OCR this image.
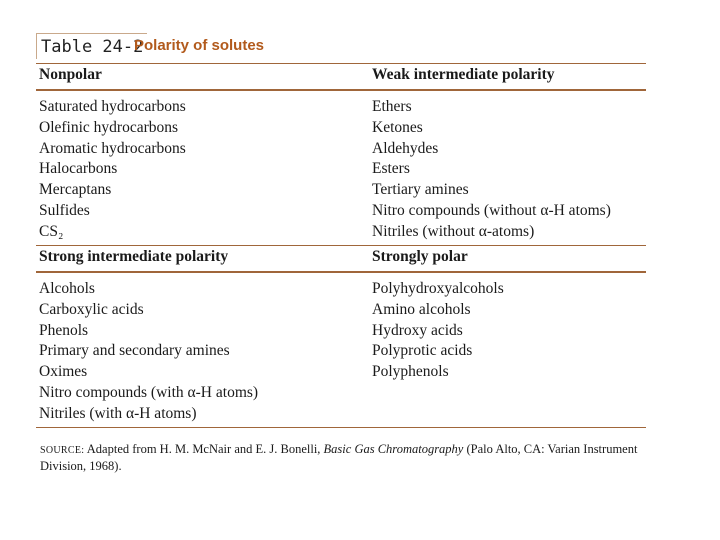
Table 24-2
Polarity of solutes
Nonpolar	Weak intermediate polarity
Saturated hydrocarbons
Olefinic hydrocarbons
Aromatic hydrocarbons
Halocarbons
Mercaptans
Sulfides
CS₂
Ethers
Ketones
Aldehydes
Esters
Tertiary amines
Nitro compounds (without α-H atoms)
Nitriles (without α-atoms)
Strong intermediate polarity	Strongly polar
Alcohols
Carboxylic acids
Phenols
Primary and secondary amines
Oximes
Nitro compounds (with α-H atoms)
Nitriles (with α-H atoms)
Polyhydroxyalcohols
Amino alcohols
Hydroxy acids
Polyprotic acids
Polyphenols
SOURCE: Adapted from H. M. McNair and E. J. Bonelli, Basic Gas Chromatography (Palo Alto, CA: Varian Instrument Division, 1968).
